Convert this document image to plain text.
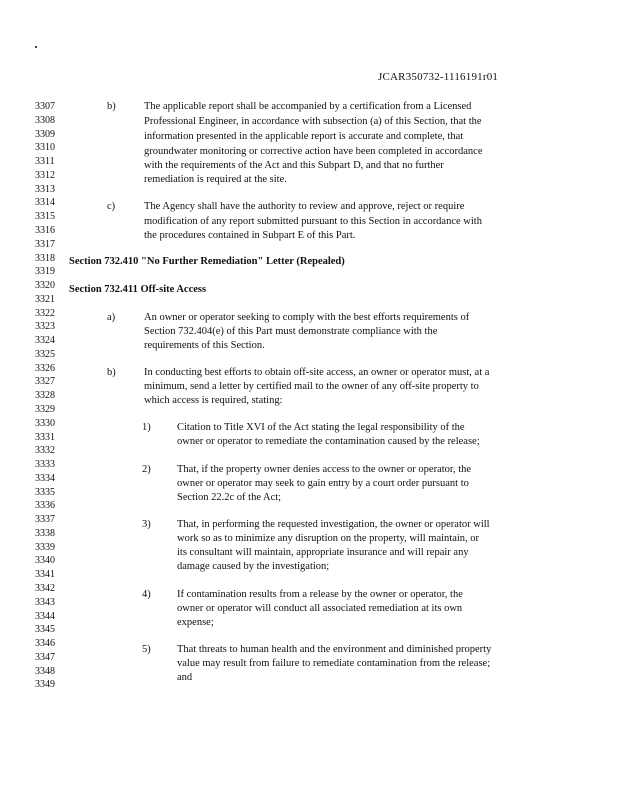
JCAR350732-1116191r01
3307
3308
3309
3310
3311
3312
3313
3314
3315
3316
3317
3318
3319
3320
3321
3322
3323
3324
3325
3326
3327
3328
3329
3330
3331
3332
3333
3334
3335
3336
3337
3338
3339
3340
3341
3342
3343
3344
3345
3346
3347
3348
3349
b)	The applicable report shall be accompanied by a certification from a Licensed
Professional Engineer, in accordance with subsection (a) of this Section, that the
information presented in the applicable report is accurate and complete, that
groundwater monitoring or corrective action have been completed in accordance
with the requirements of the Act and this Subpart D, and that no further
remediation is required at the site.
c)	The Agency shall have the authority to review and approve, reject or require
modification of any report submitted pursuant to this Section in accordance with
the procedures contained in Subpart E of this Part.
Section 732.410 "No Further Remediation" Letter (Repealed)
Section 732.411 Off-site Access
a)	An owner or operator seeking to comply with the best efforts requirements of
Section 732.404(e) of this Part must demonstrate compliance with the
requirements of this Section.
b)	In conducting best efforts to obtain off-site access, an owner or operator must, at a
minimum, send a letter by certified mail to the owner of any off-site property to
which access is required, stating:
1)	Citation to Title XVI of the Act stating the legal responsibility of the
owner or operator to remediate the contamination caused by the release;
2)	That, if the property owner denies access to the owner or operator, the
owner or operator may seek to gain entry by a court order pursuant to
Section 22.2c of the Act;
3)	That, in performing the requested investigation, the owner or operator will
work so as to minimize any disruption on the property, will maintain, or
its consultant will maintain, appropriate insurance and will repair any
damage caused by the investigation;
4)	If contamination results from a release by the owner or operator, the
owner or operator will conduct all associated remediation at its own
expense;
5)	That threats to human health and the environment and diminished property
value may result from failure to remediate contamination from the release;
and
